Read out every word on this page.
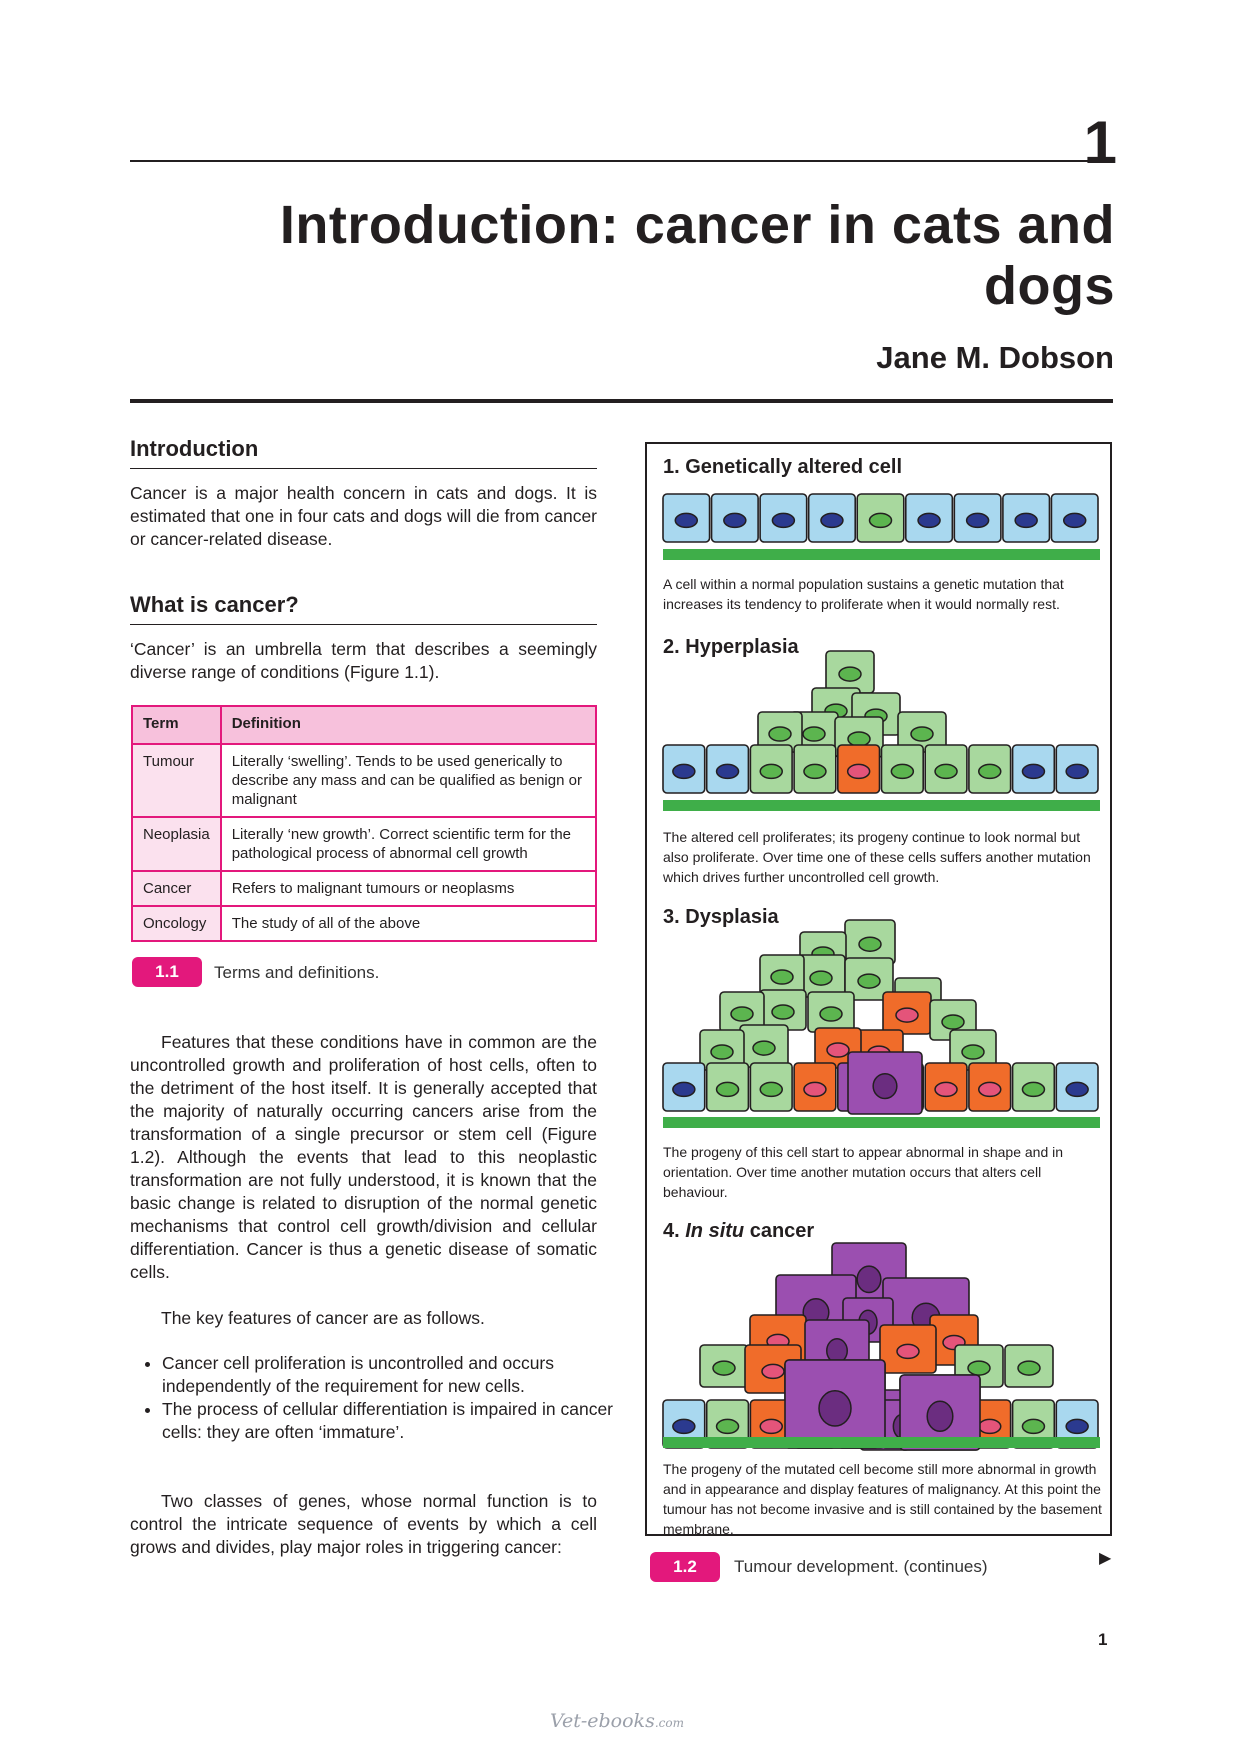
1
Introduction: cancer in cats and dogs
Jane M. Dobson
Introduction
Cancer is a major health concern in cats and dogs. It is estimated that one in four cats and dogs will die from cancer or cancer-related disease.
What is cancer?
‘Cancer’ is an umbrella term that describes a seemingly diverse range of conditions (Figure 1.1).
Term	Definition
Tumour	Literally ‘swelling’. Tends to be used generically to describe any mass and can be qualified as benign or malignant
Neoplasia	Literally ‘new growth’. Correct scientific term for the pathological process of abnormal cell growth
Cancer	Refers to malignant tumours or neoplasms
Oncology	The study of all of the above
1.1	Terms and definitions.
Features that these conditions have in common are the uncontrolled growth and proliferation of host cells, often to the detriment of the host itself. It is generally accepted that the majority of naturally occurring cancers arise from the transformation of a single precursor or stem cell (Figure 1.2). Although the events that lead to this neoplastic transformation are not fully understood, it is known that the basic change is related to disruption of the normal genetic mechanisms that control cell growth/division and cellular differentiation. Cancer is thus a genetic disease of somatic cells.
The key features of cancer are as follows.
• Cancer cell proliferation is uncontrolled and occurs independently of the requirement for new cells.
• The process of cellular differentiation is impaired in cancer cells: they are often ‘immature’.
Two classes of genes, whose normal function is to control the intricate sequence of events by which a cell grows and divides, play major roles in triggering cancer:
1. Genetically altered cell
2. Hyperplasia
3. Dysplasia
4. In situ cancer
A cell within a normal population sustains a genetic mutation that increases its tendency to proliferate when it would normally rest.
The altered cell proliferates; its progeny continue to look normal but also proliferate. Over time one of these cells suffers another mutation which drives further uncontrolled cell growth.
The progeny of this cell start to appear abnormal in shape and in orientation. Over time another mutation occurs that alters cell behaviour.
The progeny of the mutated cell become still more abnormal in growth and in appearance and display features of malignancy. At this point the tumour has not become invasive and is still contained by the basement membrane.
1.2	Tumour development. (continues)	▶
1
Vet-ebooks.com
